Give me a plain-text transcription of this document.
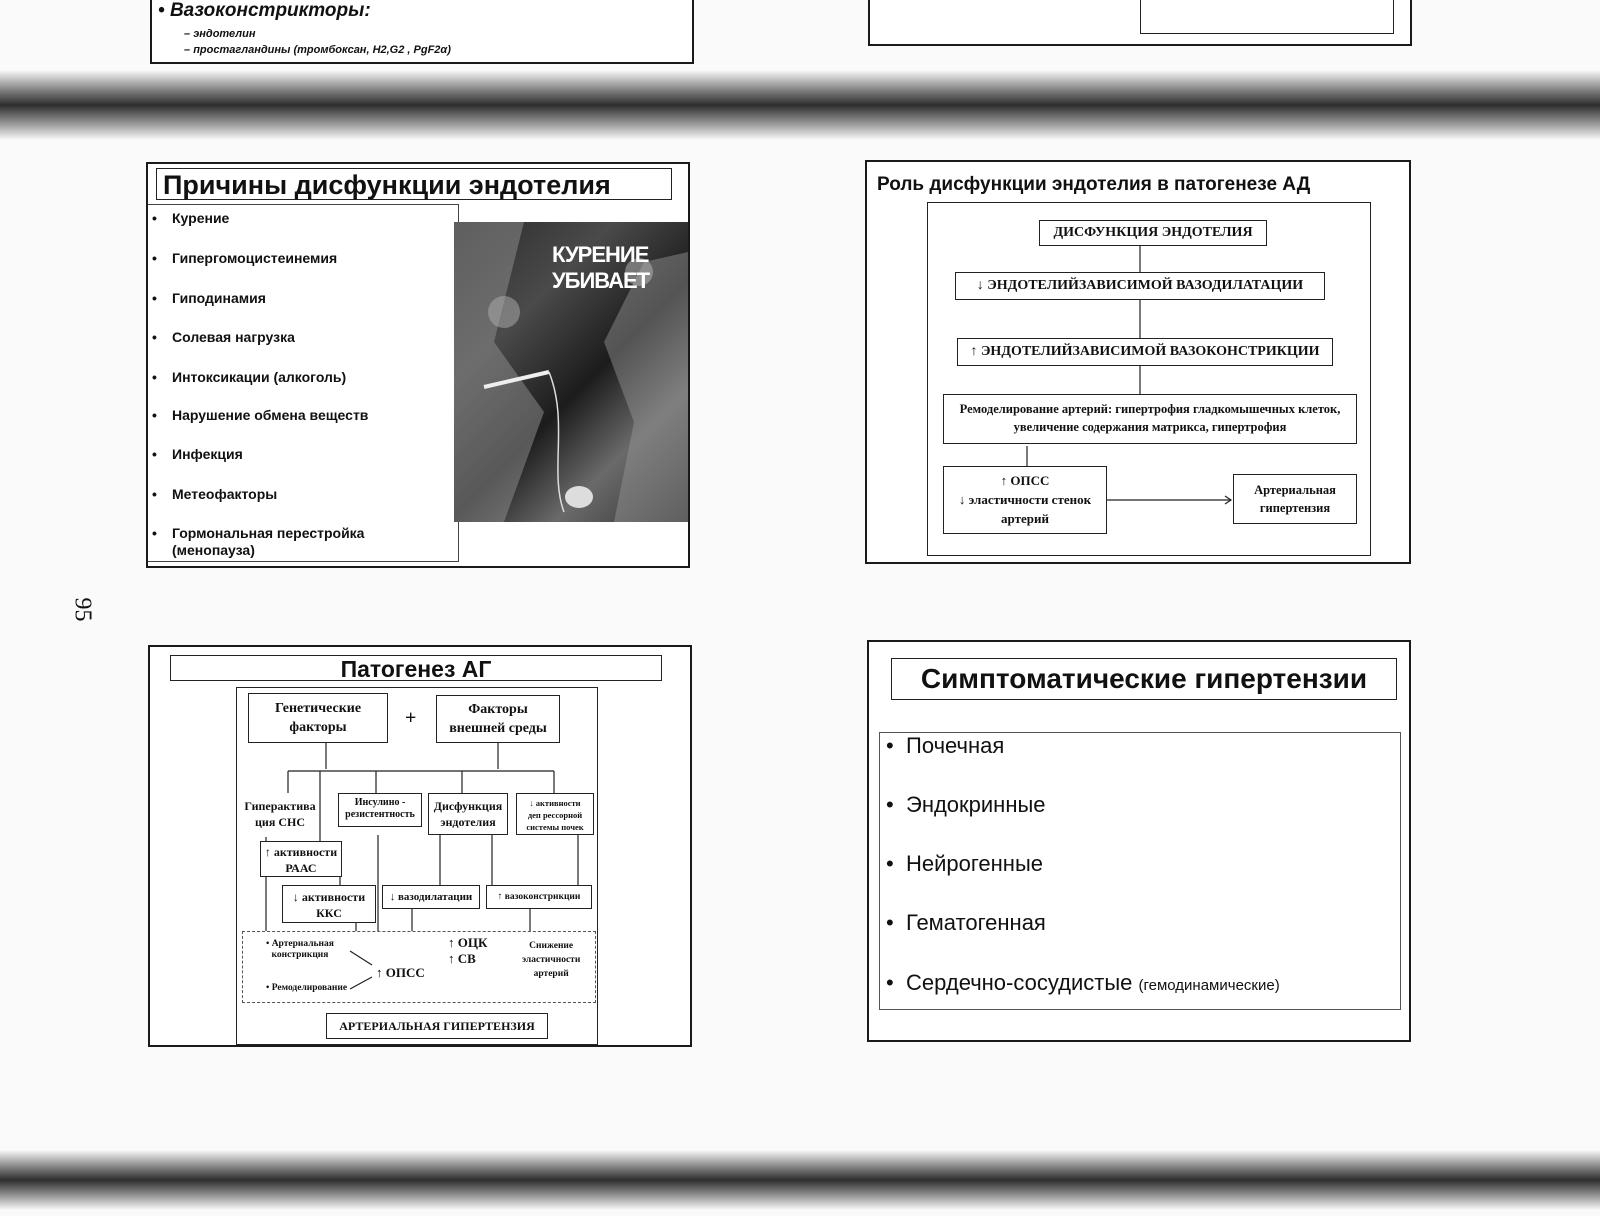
• Вазоконстрикторы:
– эндотелин
– простагландины (тромбоксан, H2,G2 , PgF2α)
95
Причины дисфункции эндотелия
• Курение
• Гипергомоцистеинемия
• Гиподинамия
• Солевая нагрузка
• Интоксикации (алкоголь)
• Нарушение обмена веществ
• Инфекция
• Метеофакторы
• Гормональная перестройка (менопауза)
КУРЕНИЕ
УБИВАЕТ
Роль дисфункции эндотелия в патогенезе АД
ДИСФУНКЦИЯ ЭНДОТЕЛИЯ
↓ ЭНДОТЕЛИЙЗАВИСИМОЙ ВАЗОДИЛАТАЦИИ
↑ ЭНДОТЕЛИЙЗАВИСИМОЙ ВАЗОКОНСТРИКЦИИ
Ремоделирование артерий: гипертрофия гладкомышечных клеток, увеличение содержания матрикса, гипертрофия
↑ ОПСС
↓ эластичности стенок
артерий
Артериальная
гипертензия
Патогенез АГ
Генетические
факторы	+	Факторы
внешней среды
Гиперактива
ция СНС
Инсулино -
резистентность
Дисфункция
эндотелия
↓ активности
деп рессорной
системы почек
↑ активности
РААС
↓ активности
ККС
↓ вазодилатации	↑ вазоконстрикции
• Артериальная
констрикция
• Ремоделирование
↑ ОПСС
↑ ОЦК
↑ СВ
Снижение
эластичности
артерий
АРТЕРИАЛЬНАЯ ГИПЕРТЕНЗИЯ
Симптоматические гипертензии
• Почечная
• Эндокринные
• Нейрогенные
• Гематогенная
• Сердечно-сосудистые (гемодинамические)
